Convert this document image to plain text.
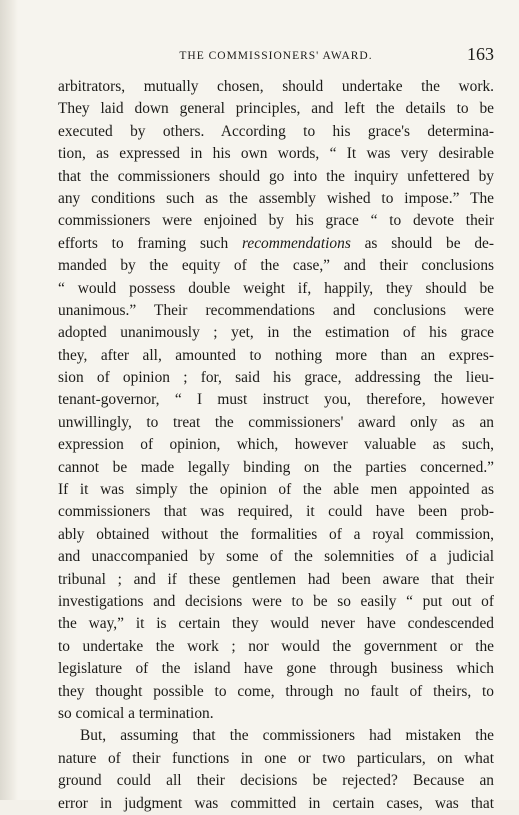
THE COMMISSIONERS' AWARD.	163
arbitrators, mutually chosen, should undertake the work.
They laid down general principles, and left the details to be
executed by others. According to his grace's determina-
tion, as expressed in his own words, “ It was very desirable
that the commissioners should go into the inquiry unfettered by
any conditions such as the assembly wished to impose.” The
commissioners were enjoined by his grace “ to devote their
efforts to framing such recommendations as should be de-
manded by the equity of the case,” and their conclusions
“ would possess double weight if, happily, they should be
unanimous.” Their recommendations and conclusions were
adopted unanimously ; yet, in the estimation of his grace
they, after all, amounted to nothing more than an expres-
sion of opinion ; for, said his grace, addressing the lieu-
tenant-governor, “ I must instruct you, therefore, however
unwillingly, to treat the commissioners' award only as an
expression of opinion, which, however valuable as such,
cannot be made legally binding on the parties concerned.”
If it was simply the opinion of the able men appointed as
commissioners that was required, it could have been prob-
ably obtained without the formalities of a royal commission,
and unaccompanied by some of the solemnities of a judicial
tribunal ; and if these gentlemen had been aware that their
investigations and decisions were to be so easily “ put out of
the way,” it is certain they would never have condescended
to undertake the work ; nor would the government or the
legislature of the island have gone through business which
they thought possible to come, through no fault of theirs, to
so comical a termination.
But, assuming that the commissioners had mistaken the
nature of their functions in one or two particulars, on what
ground could all their decisions be rejected? Because an
error in judgment was committed in certain cases, was that
